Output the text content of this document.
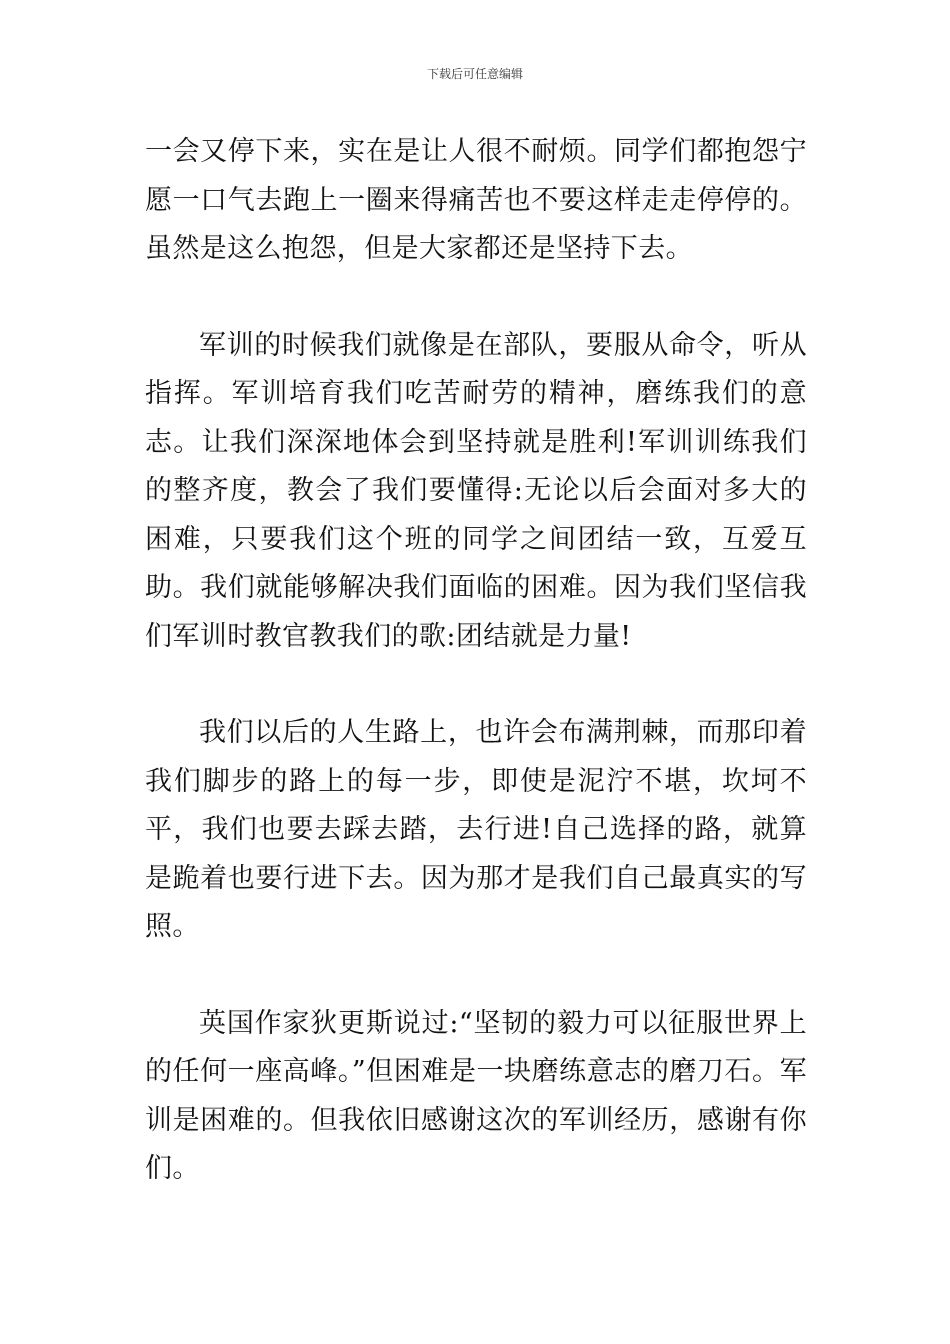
下载后可任意编辑

一会又停下来，实在是让人很不耐烦。同学们都抱怨宁愿一口气去跑上一圈来得痛苦也不要这样走走停停的。虽然是这么抱怨，但是大家都还是坚持下去。

军训的时候我们就像是在部队，要服从命令，听从指挥。军训培育我们吃苦耐劳的精神，磨练我们的意志。让我们深深地体会到坚持就是胜利!军训训练我们的整齐度，教会了我们要懂得:无论以后会面对多大的困难，只要我们这个班的同学之间团结一致，互爱互助。我们就能够解决我们面临的困难。因为我们坚信我们军训时教官教我们的歌:团结就是力量!

我们以后的人生路上，也许会布满荆棘，而那印着我们脚步的路上的每一步，即使是泥泞不堪，坎坷不平，我们也要去踩去踏，去行进!自己选择的路，就算是跪着也要行进下去。因为那才是我们自己最真实的写照。

英国作家狄更斯说过:“坚韧的毅力可以征服世界上的任何一座高峰。”但困难是一块磨练意志的磨刀石。军训是困难的。但我依旧感谢这次的军训经历，感谢有你们。
